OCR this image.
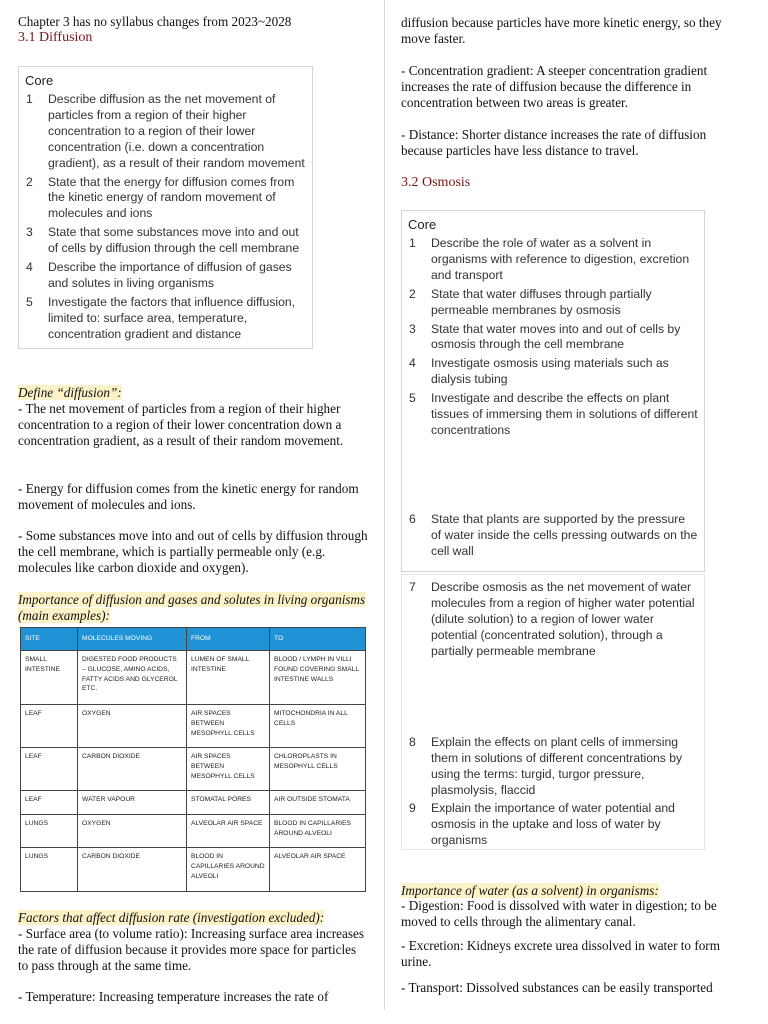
Chapter 3 has no syllabus changes from 2023~2028
3.1 Diffusion
Core
1	Describe diffusion as the net movement of particles from a region of their higher concentration to a region of their lower concentration (i.e. down a concentration gradient), as a result of their random movement
2	State that the energy for diffusion comes from the kinetic energy of random movement of molecules and ions
3	State that some substances move into and out of cells by diffusion through the cell membrane
4	Describe the importance of diffusion of gases and solutes in living organisms
5	Investigate the factors that influence diffusion, limited to: surface area, temperature, concentration gradient and distance
Define “diffusion”:

- The net movement of particles from a region of their higher concentration to a region of their lower concentration down a concentration gradient, as a result of their random movement.

- Energy for diffusion comes from the kinetic energy for random movement of molecules and ions.

- Some substances move into and out of cells by diffusion through the cell membrane, which is partially permeable only (e.g. molecules like carbon dioxide and oxygen).

Importance of diffusion and gases and solutes in living organisms (main examples):
SITE	MOLECULES MOVING	FROM	TO
SMALL INTESTINE	DIGESTED FOOD PRODUCTS – GLUCOSE, AMINO ACIDS, FATTY ACIDS AND GLYCEROL ETC.	LUMEN OF SMALL INTESTINE	BLOOD / LYMPH IN VILLI FOUND COVERING SMALL INTESTINE WALLS
LEAF	OXYGEN	AIR SPACES BETWEEN MESOPHYLL CELLS	MITOCHONDRIA IN ALL CELLS
LEAF	CARBON DIOXIDE	AIR SPACES BETWEEN MESOPHYLL CELLS	CHLOROPLASTS IN MESOPHYLL CELLS
LEAF	WATER VAPOUR	STOMATAL PORES	AIR OUTSIDE STOMATA
LUNGS	OXYGEN	ALVEOLAR AIR SPACE	BLOOD IN CAPILLARIES AROUND ALVEOLI
LUNGS	CARBON DIOXIDE	BLOOD IN CAPILLARIES AROUND ALVEOLI	ALVEOLAR AIR SPACE
Factors that affect diffusion rate (investigation excluded):

- Surface area (to volume ratio): Increasing surface area increases the rate of diffusion because it provides more space for particles to pass through at the same time.

- Temperature: Increasing temperature increases the rate of

diffusion because particles have more kinetic energy, so they move faster.

- Concentration gradient: A steeper concentration gradient increases the rate of diffusion because the difference in concentration between two areas is greater.

- Distance: Shorter distance increases the rate of diffusion because particles have less distance to travel.

3.2 Osmosis
Core
1	Describe the role of water as a solvent in organisms with reference to digestion, excretion and transport
2	State that water diffuses through partially permeable membranes by osmosis
3	State that water moves into and out of cells by osmosis through the cell membrane
4	Investigate osmosis using materials such as dialysis tubing
5	Investigate and describe the effects on plant tissues of immersing them in solutions of different concentrations
6	State that plants are supported by the pressure of water inside the cells pressing outwards on the cell wall
7	Describe osmosis as the net movement of water molecules from a region of higher water potential (dilute solution) to a region of lower water potential (concentrated solution), through a partially permeable membrane
8	Explain the effects on plant cells of immersing them in solutions of different concentrations by using the terms: turgid, turgor pressure, plasmolysis, flaccid
9	Explain the importance of water potential and osmosis in the uptake and loss of water by organisms
Importance of water (as a solvent) in organisms:

- Digestion: Food is dissolved with water in digestion; to be moved to cells through the alimentary canal.

- Excretion: Kidneys excrete urea dissolved in water to form urine.

- Transport: Dissolved substances can be easily transported
